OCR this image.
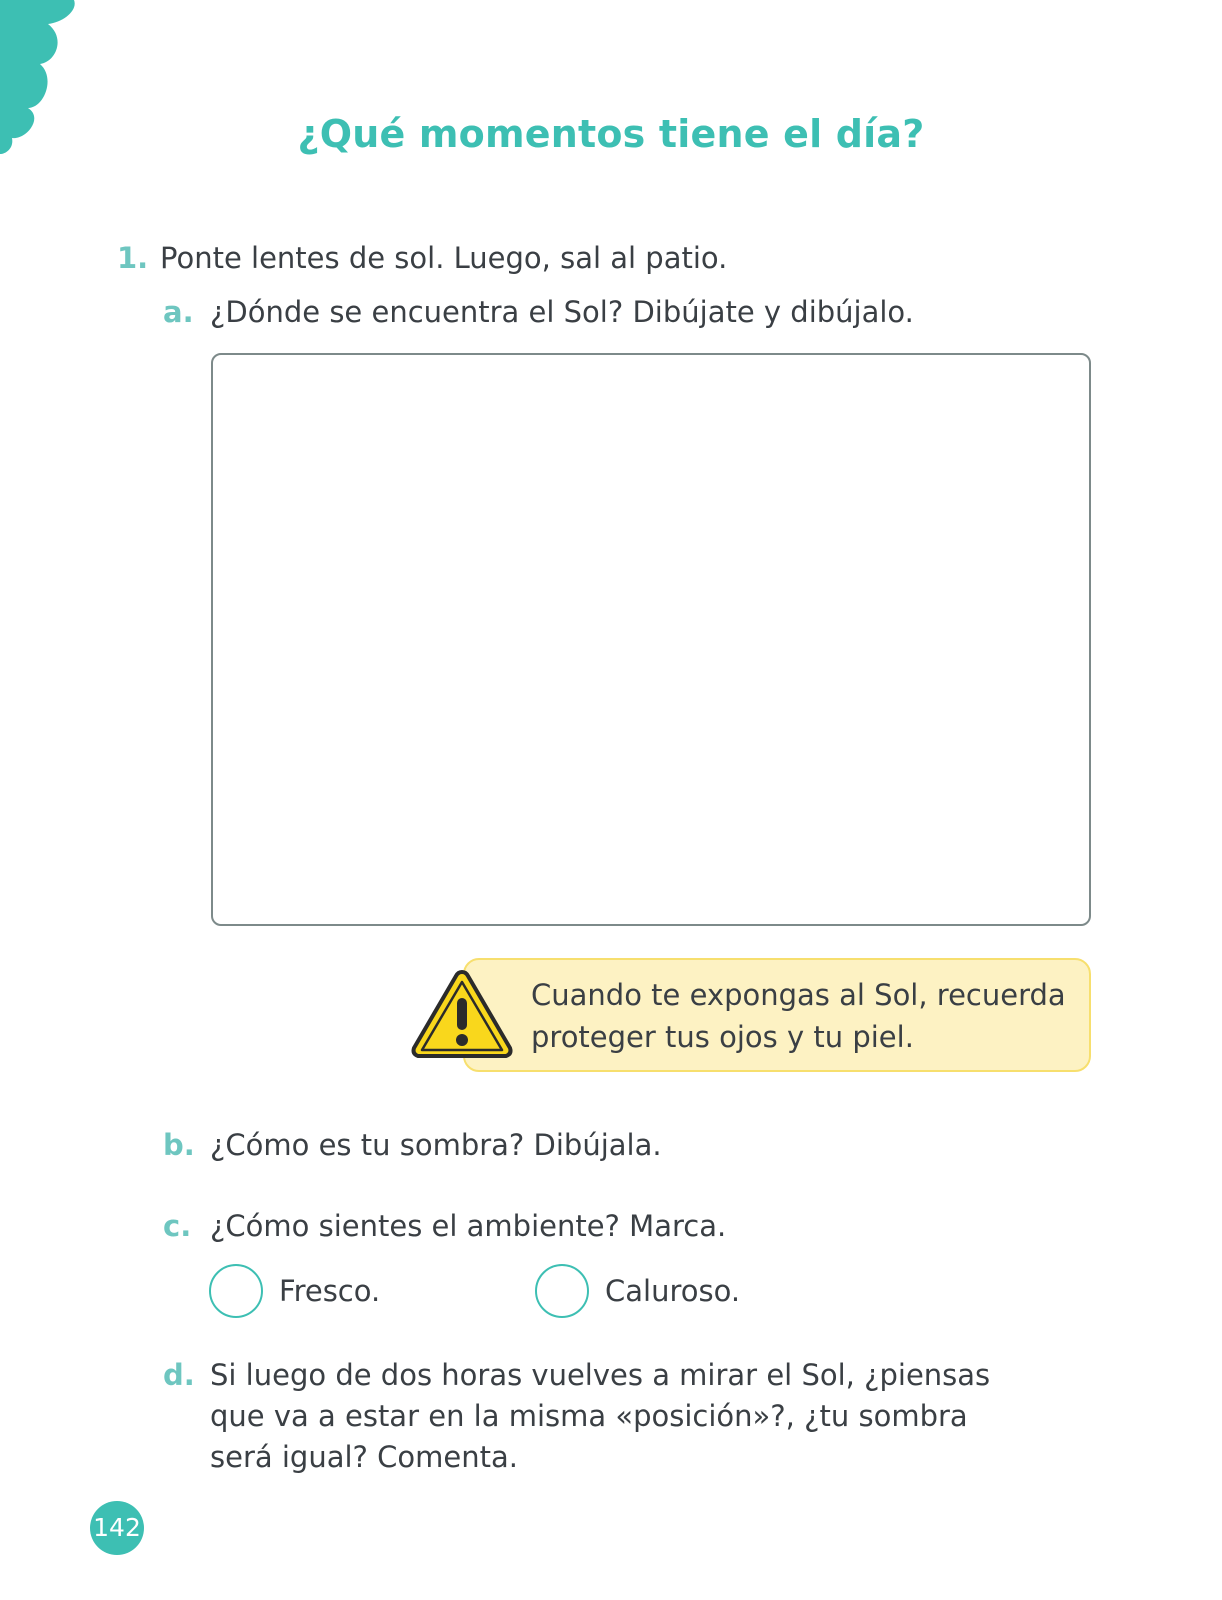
¿Qué momentos tiene el día?
1. Ponte lentes de sol. Luego, sal al patio.
a. ¿Dónde se encuentra el Sol? Dibújate y dibújalo.

Cuando te expongas al Sol, recuerda proteger tus ojos y tu piel.

b. ¿Cómo es tu sombra? Dibújala.
c. ¿Cómo sientes el ambiente? Marca.
Fresco.	Caluroso.
d. Si luego de dos horas vuelves a mirar el Sol, ¿piensas que va a estar en la misma «posición»?, ¿tu sombra será igual? Comenta.
142
